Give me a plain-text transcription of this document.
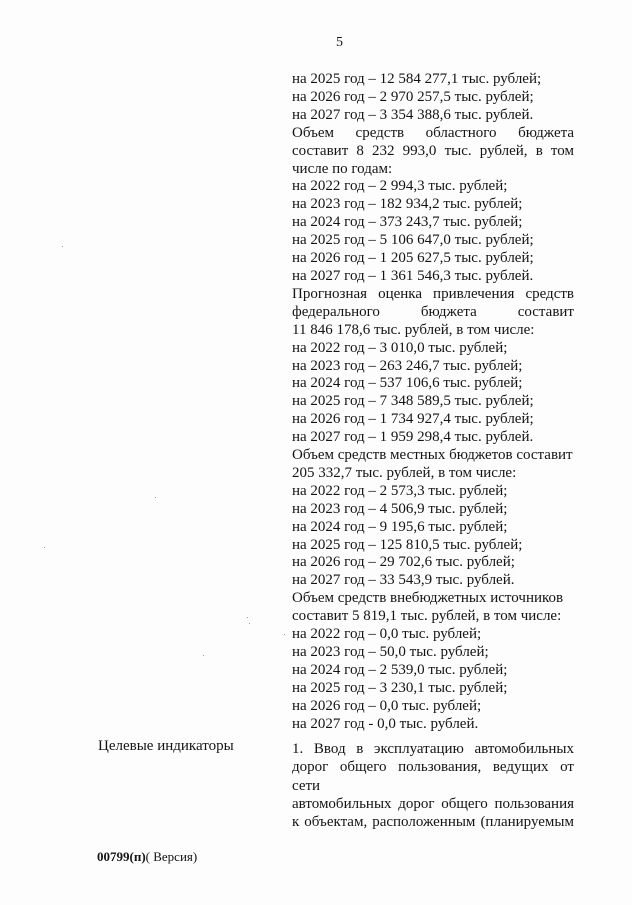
5
на 2025 год – 12 584 277,1 тыс. рублей;
на 2026 год – 2 970 257,5 тыс. рублей;
на 2027 год – 3 354 388,6 тыс. рублей.
Объем средств областного бюджета
составит 8 232 993,0 тыс. рублей, в том
числе по годам:
на 2022 год – 2 994,3 тыс. рублей;
на 2023 год – 182 934,2 тыс. рублей;
на 2024 год – 373 243,7 тыс. рублей;
на 2025 год – 5 106 647,0 тыс. рублей;
на 2026 год – 1 205 627,5 тыс. рублей;
на 2027 год – 1 361 546,3 тыс. рублей.
Прогнозная оценка привлечения средств
федерального бюджета составит
11 846 178,6 тыс. рублей, в том числе:
на 2022 год – 3 010,0 тыс. рублей;
на 2023 год – 263 246,7 тыс. рублей;
на 2024 год – 537 106,6 тыс. рублей;
на 2025 год – 7 348 589,5 тыс. рублей;
на 2026 год – 1 734 927,4 тыс. рублей;
на 2027 год – 1 959 298,4 тыс. рублей.
Объем средств местных бюджетов составит
205 332,7 тыс. рублей, в том числе:
на 2022 год – 2 573,3 тыс. рублей;
на 2023 год – 4 506,9 тыс. рублей;
на 2024 год – 9 195,6 тыс. рублей;
на 2025 год – 125 810,5 тыс. рублей;
на 2026 год – 29 702,6 тыс. рублей;
на 2027 год – 33 543,9 тыс. рублей.
Объем средств внебюджетных источников
составит 5 819,1 тыс. рублей, в том числе:
на 2022 год – 0,0 тыс. рублей;
на 2023 год – 50,0 тыс. рублей;
на 2024 год – 2 539,0 тыс. рублей;
на 2025 год – 3 230,1 тыс. рублей;
на 2026 год – 0,0 тыс. рублей;
на 2027 год - 0,0 тыс. рублей.
Целевые индикаторы	1. Ввод в эксплуатацию автомобильных
дорог общего пользования, ведущих от сети
автомобильных дорог общего пользования
к объектам, расположенным (планируемым
00799(п)( Версия)
